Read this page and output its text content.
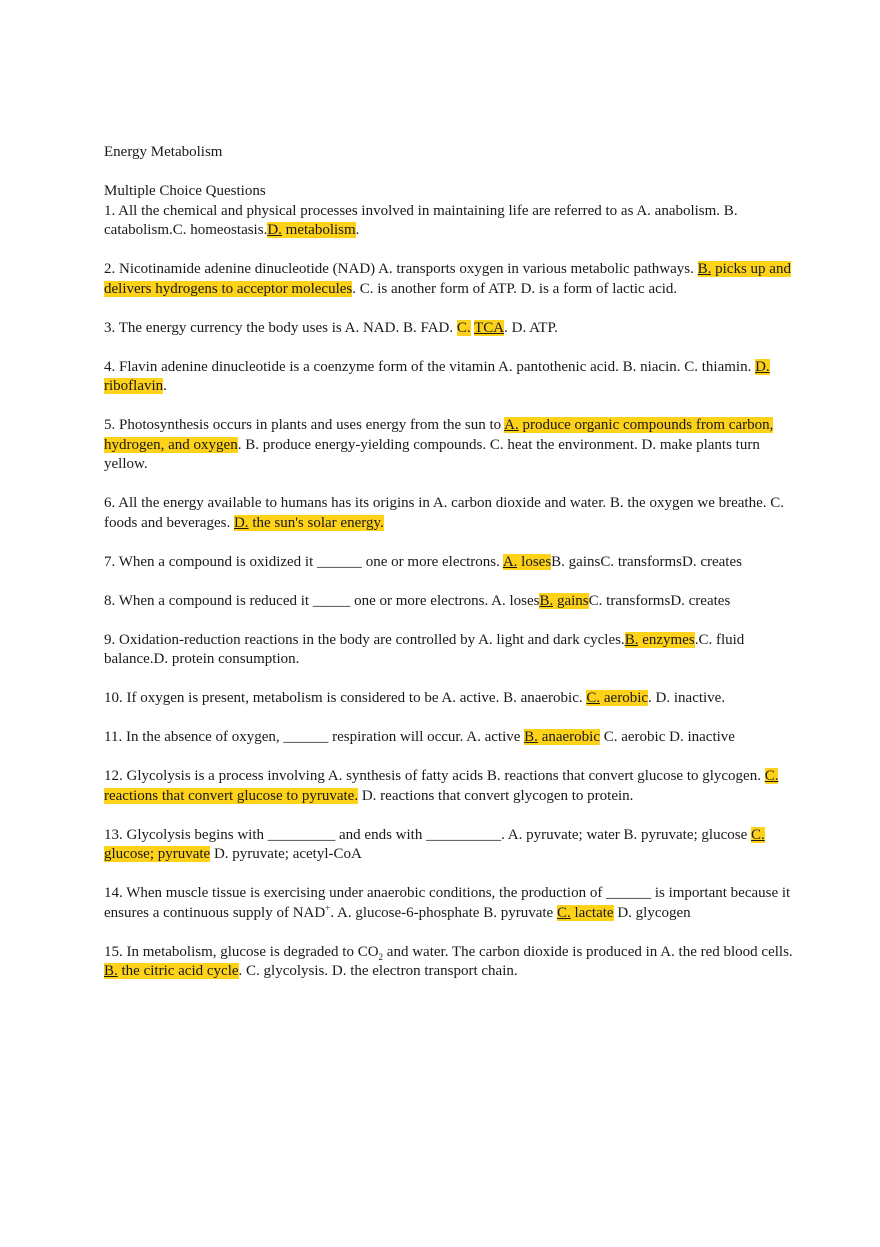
Energy Metabolism

Multiple Choice Questions

1. All the chemical and physical processes involved in maintaining life are referred to as A. anabolism. B. catabolism.C. homeostasis.D. metabolism.

2. Nicotinamide adenine dinucleotide (NAD) A. transports oxygen in various metabolic pathways. B. picks up and delivers hydrogens to acceptor molecules. C. is another form of ATP. D. is a form of lactic acid.

3. The energy currency the body uses is A. NAD. B. FAD. C. TCA. D. ATP.

4. Flavin adenine dinucleotide is a coenzyme form of the vitamin A. pantothenic acid. B. niacin. C. thiamin. D. riboflavin.

5. Photosynthesis occurs in plants and uses energy from the sun to A. produce organic compounds from carbon, hydrogen, and oxygen. B. produce energy-yielding compounds. C. heat the environment. D. make plants turn yellow.

6. All the energy available to humans has its origins in A. carbon dioxide and water. B. the oxygen we breathe. C. foods and beverages. D. the sun's solar energy.

7. When a compound is oxidized it ______ one or more electrons. A. losesB. gainsC. transformsD. creates

8. When a compound is reduced it _____ one or more electrons. A. losesB. gainsC. transformsD. creates

9. Oxidation-reduction reactions in the body are controlled by A. light and dark cycles.B. enzymes.C. fluid balance.D. protein consumption.

10. If oxygen is present, metabolism is considered to be A. active. B. anaerobic. C. aerobic. D. inactive.

11. In the absence of oxygen, ______ respiration will occur. A. active B. anaerobic C. aerobic D. inactive

12. Glycolysis is a process involving A. synthesis of fatty acids B. reactions that convert glucose to glycogen. C. reactions that convert glucose to pyruvate. D. reactions that convert glycogen to protein.

13. Glycolysis begins with _________ and ends with __________. A. pyruvate; water B. pyruvate; glucose C. glucose; pyruvate D. pyruvate; acetyl-CoA

14. When muscle tissue is exercising under anaerobic conditions, the production of ______ is important because it ensures a continuous supply of NAD+. A. glucose-6-phosphate B. pyruvate C. lactate D. glycogen

15. In metabolism, glucose is degraded to $CO_2$ and water. The carbon dioxide is produced in A. the red blood cells. B. the citric acid cycle. C. glycolysis. D. the electron transport chain.
